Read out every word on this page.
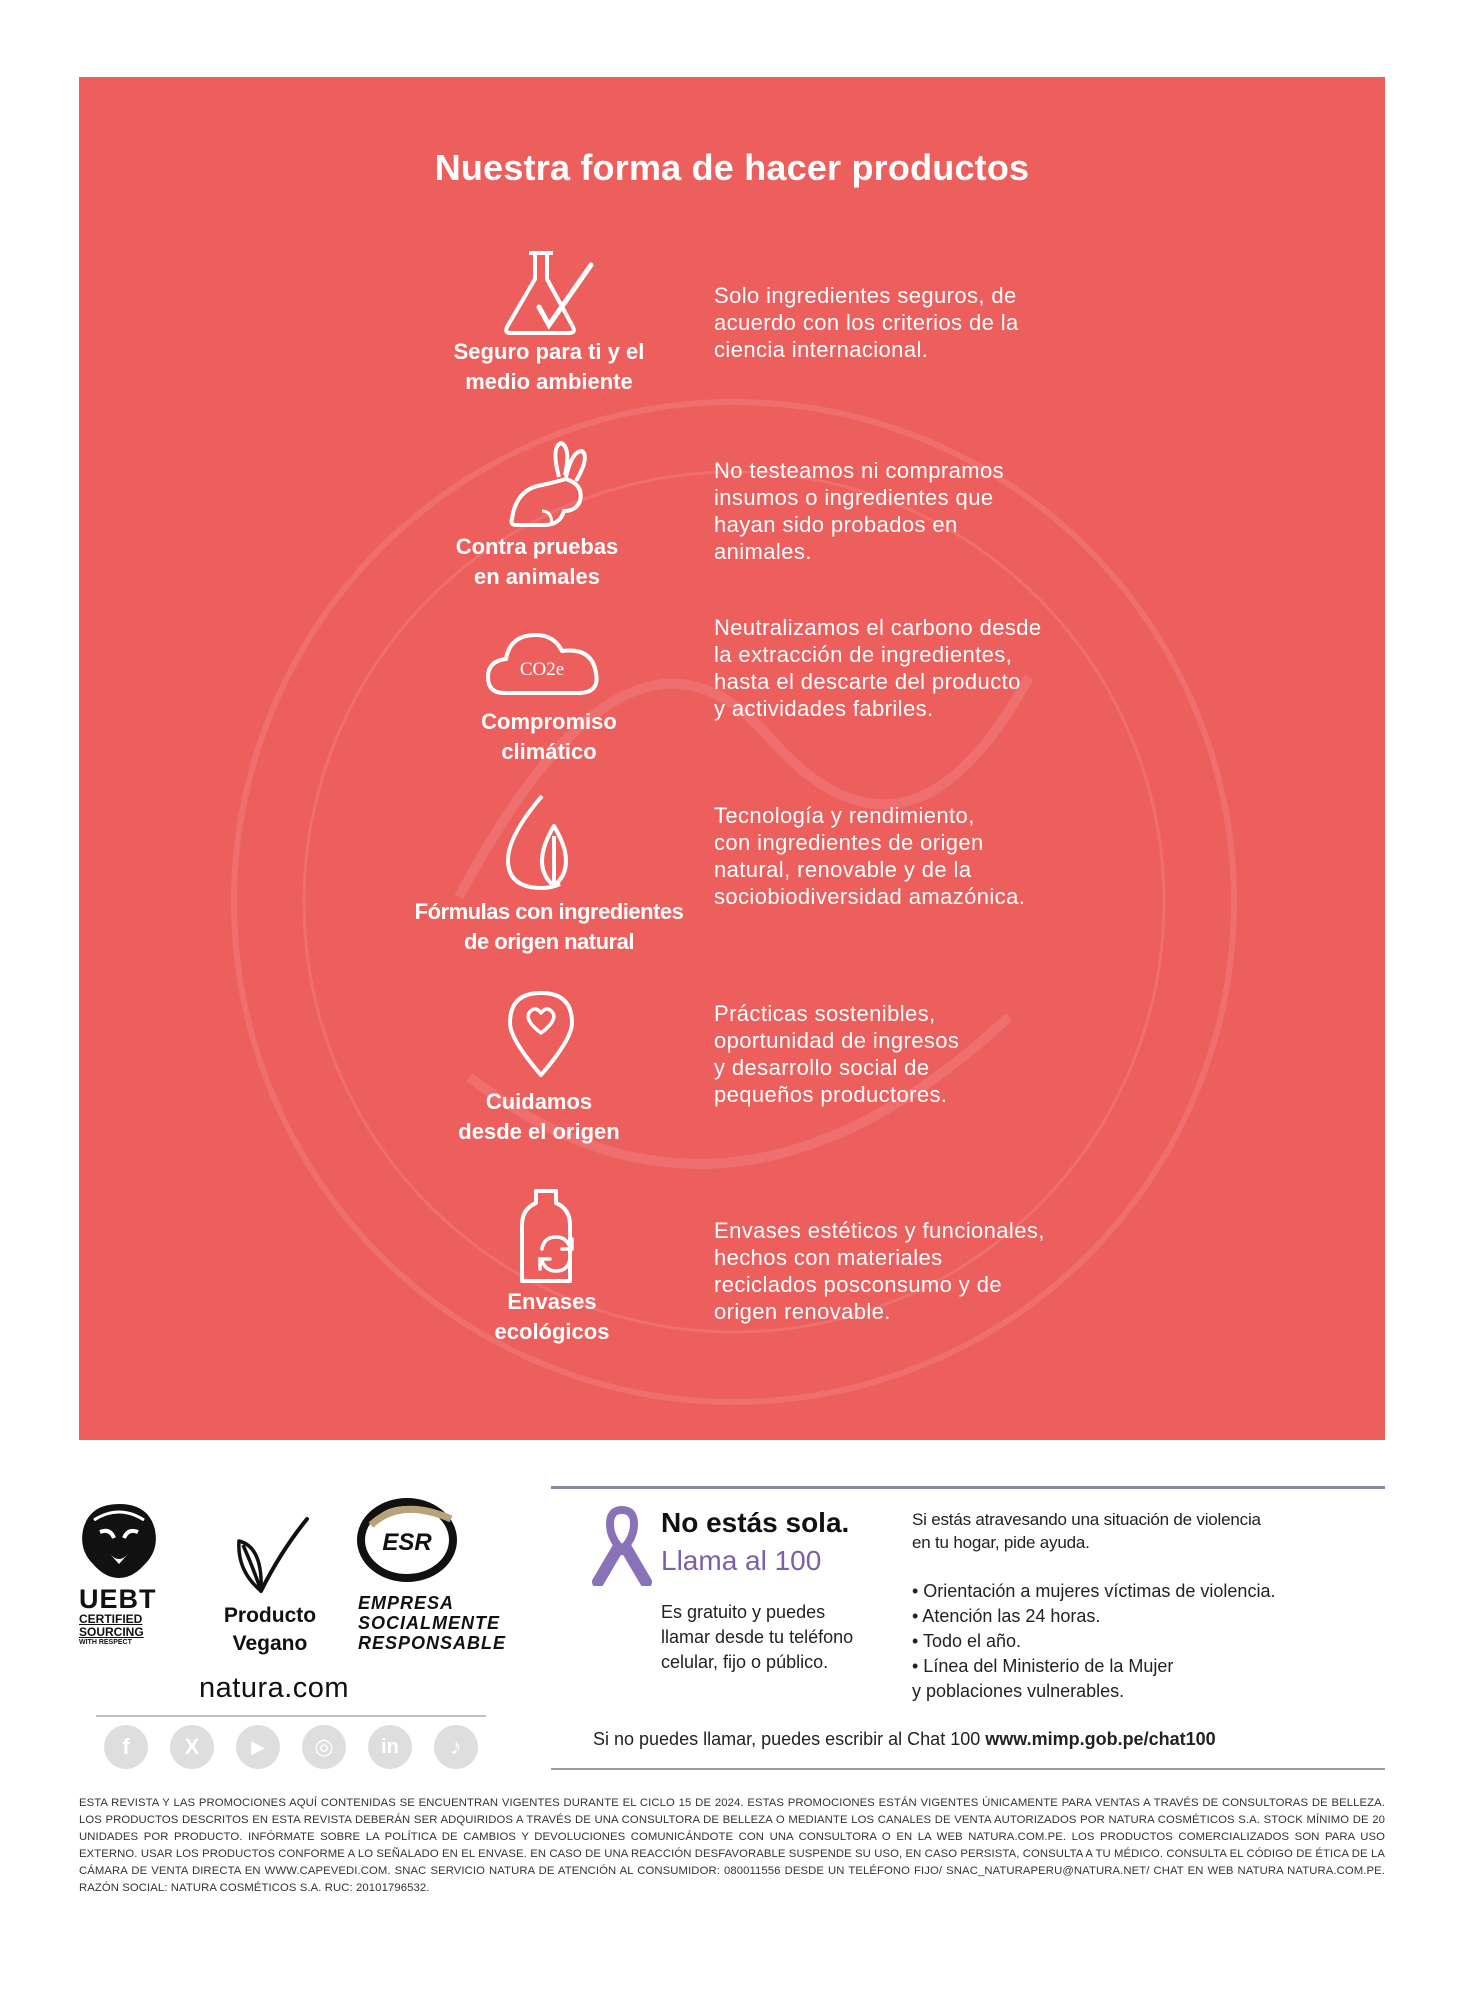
Nuestra forma de hacer productos
Seguro para ti y el
medio ambiente
Solo ingredientes seguros, de
acuerdo con los criterios de la
ciencia internacional.
Contra pruebas
en animales
No testeamos ni compramos
insumos o ingredientes que
hayan sido probados en
animales.
CO2e
Compromiso
climático
Neutralizamos el carbono desde
la extracción de ingredientes,
hasta el descarte del producto
y actividades fabriles.
Fórmulas con ingredientes
de origen natural
Tecnología y rendimiento,
con ingredientes de origen
natural, renovable y de la
sociobiodiversidad amazónica.
Cuidamos
desde el origen
Prácticas sostenibles,
oportunidad de ingresos
y desarrollo social de
pequeños productores.
Envases
ecológicos
Envases estéticos y funcionales,
hechos con materiales
reciclados posconsumo y de
origen renovable.
UEBT
CERTIFIED
SOURCING
WITH RESPECT
Producto
Vegano
ESR
EMPRESA
SOCIALMENTE
RESPONSABLE
natura.com
f	X	▶	◎	in	♪
No estás sola.
Llama al 100
Es gratuito y puedes
llamar desde tu teléfono
celular, fijo o público.
Si estás atravesando una situación de violencia
en tu hogar, pide ayuda.
• Orientación a mujeres víctimas de violencia.
• Atención las 24 horas.
• Todo el año.
• Línea del Ministerio de la Mujer
y poblaciones vulnerables.
Si no puedes llamar, puedes escribir al Chat 100 www.mimp.gob.pe/chat100
ESTA REVISTA Y LAS PROMOCIONES AQUÍ CONTENIDAS SE ENCUENTRAN VIGENTES DURANTE EL CICLO 15 DE 2024. ESTAS PROMOCIONES ESTÁN VIGENTES ÚNICAMENTE PARA VENTAS A TRAVÉS DE CONSULTORAS DE BELLEZA. LOS PRODUCTOS DESCRITOS EN ESTA REVISTA DEBERÁN SER ADQUIRIDOS A TRAVÉS DE UNA CONSULTORA DE BELLEZA O MEDIANTE LOS CANALES DE VENTA AUTORIZADOS POR NATURA COSMÉTICOS S.A. STOCK MÍNIMO DE 20 UNIDADES POR PRODUCTO. INFÓRMATE SOBRE LA POLÍTICA DE CAMBIOS Y DEVOLUCIONES COMUNICÁNDOTE CON UNA CONSULTORA O EN LA WEB NATURA.COM.PE. LOS PRODUCTOS COMERCIALIZADOS SON PARA USO EXTERNO. USAR LOS PRODUCTOS CONFORME A LO SEÑALADO EN EL ENVASE. EN CASO DE UNA REACCIÓN DESFAVORABLE SUSPENDE SU USO, EN CASO PERSISTA, CONSULTA A TU MÉDICO. CONSULTA EL CÓDIGO DE ÉTICA DE LA CÁMARA DE VENTA DIRECTA EN WWW.CAPEVEDI.COM. SNAC SERVICIO NATURA DE ATENCIÓN AL CONSUMIDOR: 080011556 DESDE UN TELÉFONO FIJO/ SNAC_NATURAPERU@NATURA.NET/ CHAT EN WEB NATURA NATURA.COM.PE. RAZÓN SOCIAL: NATURA COSMÉTICOS S.A. RUC: 20101796532.
